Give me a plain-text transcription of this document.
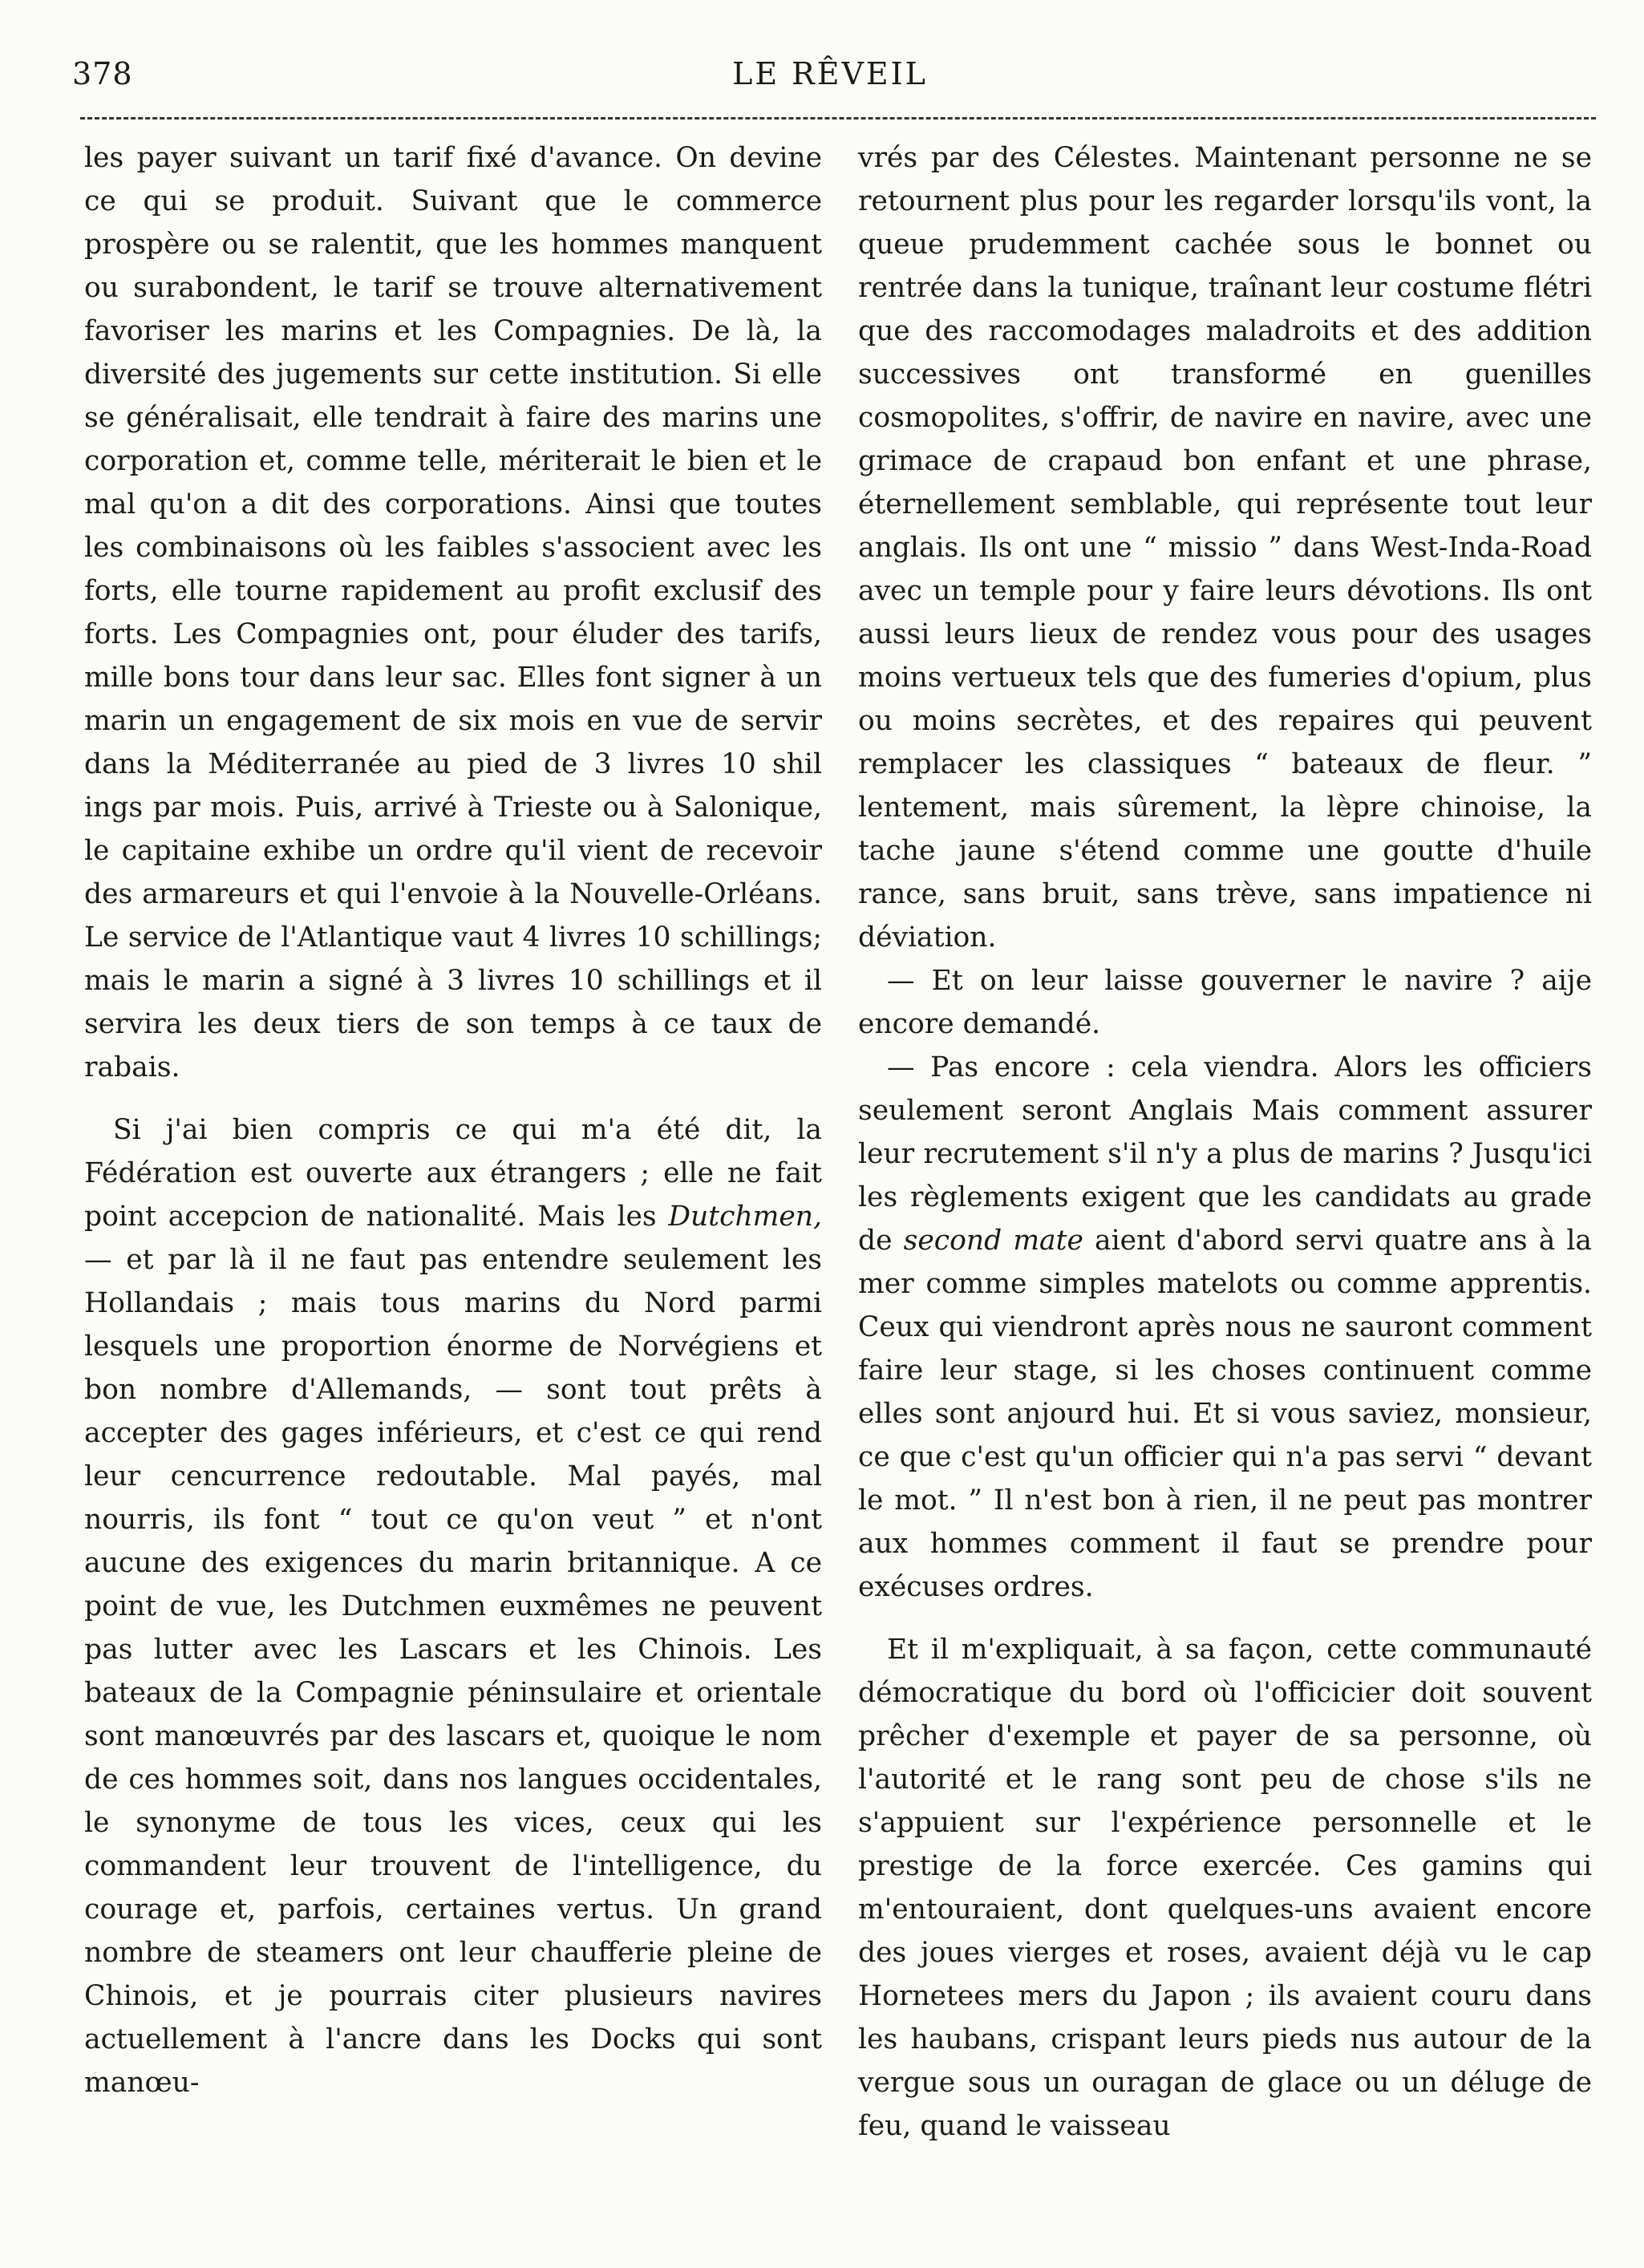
378	LE RÊVEIL

les payer suivant un tarif fixé d'avance. On devine ce qui se produit. Suivant que le commerce prospère ou se ralentit, que les hommes manquent ou surabondent, le tarif se trouve alternativement favoriser les marins et les Compagnies. De là, la diversité des jugements sur cette institution. Si elle se généralisait, elle tendrait à faire des marins une corporation et, comme telle, mériterait le bien et le mal qu'on a dit des corporations. Ainsi que toutes les combinaisons où les faibles s'associent avec les forts, elle tourne rapidement au profit exclusif des forts. Les Compagnies ont, pour éluder des tarifs, mille bons tour dans leur sac. Elles font signer à un marin un engagement de six mois en vue de servir dans la Méditerranée au pied de 3 livres 10 shil ings par mois. Puis, arrivé à Trieste ou à Salonique, le capitaine exhibe un ordre qu'il vient de recevoir des armareurs et qui l'envoie à la Nouvelle-Orléans. Le service de l'Atlantique vaut 4 livres 10 schillings; mais le marin a signé à 3 livres 10 schillings et il servira les deux tiers de son temps à ce taux de rabais.

Si j'ai bien compris ce qui m'a été dit, la Fédération est ouverte aux étrangers ; elle ne fait point accepcion de nationalité. Mais les Dutchmen, — et par là il ne faut pas entendre seulement les Hollandais ; mais tous marins du Nord parmi lesquels une proportion énorme de Norvégiens et bon nombre d'Allemands, — sont tout prêts à accepter des gages inférieurs, et c'est ce qui rend leur cencurrence redoutable. Mal payés, mal nourris, ils font “ tout ce qu'on veut ” et n'ont aucune des exigences du marin britannique. A ce point de vue, les Dutchmen euxmêmes ne peuvent pas lutter avec les Lascars et les Chinois. Les bateaux de la Compagnie péninsulaire et orientale sont manœuvrés par des lascars et, quoique le nom de ces hommes soit, dans nos langues occidentales, le synonyme de tous les vices, ceux qui les commandent leur trouvent de l'intelligence, du courage et, parfois, certaines vertus. Un grand nombre de steamers ont leur chaufferie pleine de Chinois, et je pourrais citer plusieurs navires actuellement à l'ancre dans les Docks qui sont manœu-

vrés par des Célestes. Maintenant personne ne se retournent plus pour les regarder lorsqu'ils vont, la queue prudemment cachée sous le bonnet ou rentrée dans la tunique, traînant leur costume flétri que des raccomodages maladroits et des addition successives ont transformé en guenilles cosmopolites, s'offrir, de navire en navire, avec une grimace de crapaud bon enfant et une phrase, éternellement semblable, qui représente tout leur anglais. Ils ont une “ missio ” dans West-Inda-Road avec un temple pour y faire leurs dévotions. Ils ont aussi leurs lieux de rendez vous pour des usages moins vertueux tels que des fumeries d'opium, plus ou moins secrètes, et des repaires qui peuvent remplacer les classiques “ bateaux de fleur. ” lentement, mais sûrement, la lèpre chinoise, la tache jaune s'étend comme une goutte d'huile rance, sans bruit, sans trève, sans impatience ni déviation.

— Et on leur laisse gouverner le navire ? aije encore demandé.

— Pas encore : cela viendra. Alors les officiers seulement seront Anglais Mais comment assurer leur recrutement s'il n'y a plus de marins ? Jusqu'ici les règlements exigent que les candidats au grade de second mate aient d'abord servi quatre ans à la mer comme simples matelots ou comme apprentis. Ceux qui viendront après nous ne sauront comment faire leur stage, si les choses continuent comme elles sont anjourd hui. Et si vous saviez, monsieur, ce que c'est qu'un officier qui n'a pas servi “ devant le mot. ” Il n'est bon à rien, il ne peut pas montrer aux hommes comment il faut se prendre pour exécuses ordres.

Et il m'expliquait, à sa façon, cette communauté démocratique du bord où l'officicier doit souvent prêcher d'exemple et payer de sa personne, où l'autorité et le rang sont peu de chose s'ils ne s'appuient sur l'expérience personnelle et le prestige de la force exercée. Ces gamins qui m'entouraient, dont quelques-uns avaient encore des joues vierges et roses, avaient déjà vu le cap Hornetees mers du Japon ; ils avaient couru dans les haubans, crispant leurs pieds nus autour de la vergue sous un ouragan de glace ou un déluge de feu, quand le vaisseau
